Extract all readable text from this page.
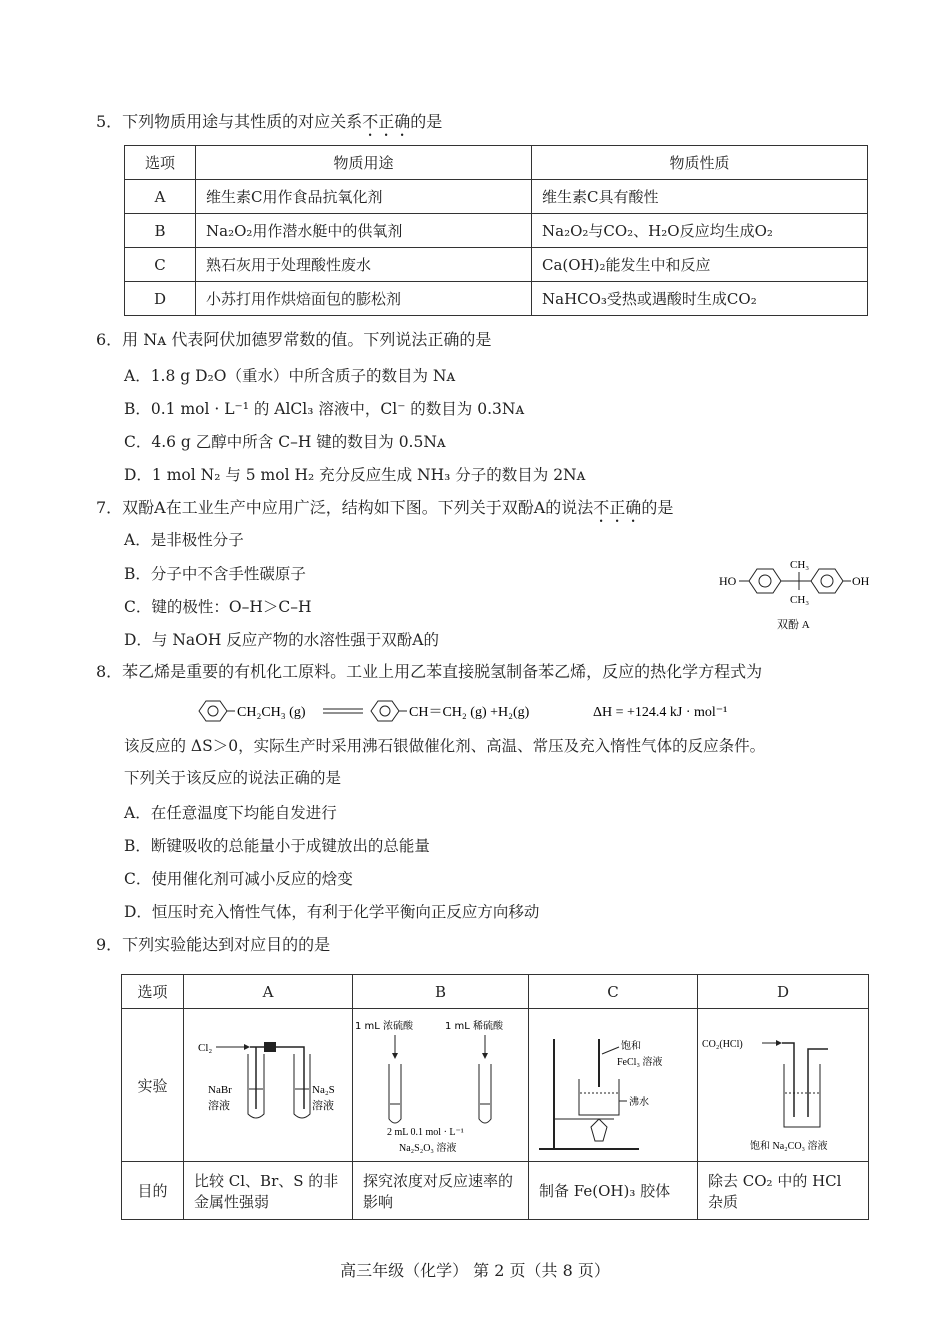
5．下列物质用途与其性质的对应关系不正确的是
选项	物质用途	物质性质
A	维生素C用作食品抗氧化剂	维生素C具有酸性
B	Na₂O₂用作潜水艇中的供氧剂	Na₂O₂与CO₂、H₂O反应均生成O₂
C	熟石灰用于处理酸性废水	Ca(OH)₂能发生中和反应
D	小苏打用作烘焙面包的膨松剂	NaHCO₃受热或遇酸时生成CO₂
6．用 Nᴀ 代表阿伏加德罗常数的值。下列说法正确的是
A．1.8 g D₂O（重水）中所含质子的数目为 Nᴀ
B．0.1 mol · L⁻¹ 的 AlCl₃ 溶液中，Cl⁻ 的数目为 0.3Nᴀ
C．4.6 g 乙醇中所含 C–H 键的数目为 0.5Nᴀ
D．1 mol N₂ 与 5 mol H₂ 充分反应生成 NH₃ 分子的数目为 2Nᴀ
7．双酚A在工业生产中应用广泛，结构如下图。下列关于双酚A的说法不正确的是
A．是非极性分子
B．分子中不含手性碳原子
C．键的极性：O–H＞C–H
D．与 NaOH 反应产物的水溶性强于双酚A的
HO
CH₃
CH₃
OH
双酚 A
8．苯乙烯是重要的有机化工原料。工业上用乙苯直接脱氢制备苯乙烯，反应的热化学方程式为
CH₂CH₃ (g)	CH＝CH₂ (g) +H₂(g)	ΔH = +124.4 kJ · mol⁻¹
该反应的 ΔS＞0，实际生产时采用沸石银做催化剂、高温、常压及充入惰性气体的反应条件。
下列关于该反应的说法正确的是
A．在任意温度下均能自发进行
B．断键吸收的总能量小于成键放出的总能量
C．使用催化剂可减小反应的焓变
D．恒压时充入惰性气体，有利于化学平衡向正反应方向移动
9．下列实验能达到对应目的的是
选项	A	B	C	D
实验	Cl₂
NaBr
溶液
Na₂S
溶液	1 mL 浓硫酸 1 mL 稀硫酸
2 mL 0.1 mol · L⁻¹
Na₂S₂O₃ 溶液	饱和
FeCl₃ 溶液
沸水	CO₂(HCl)
饱和 Na₂CO₃ 溶液

目的	比较 Cl、Br、S 的非金属性强弱	探究浓度对反应速率的影响	制备 Fe(OH)₃ 胶体	除去 CO₂ 中的 HCl 杂质
高三年级（化学） 第 2 页（共 8 页）
